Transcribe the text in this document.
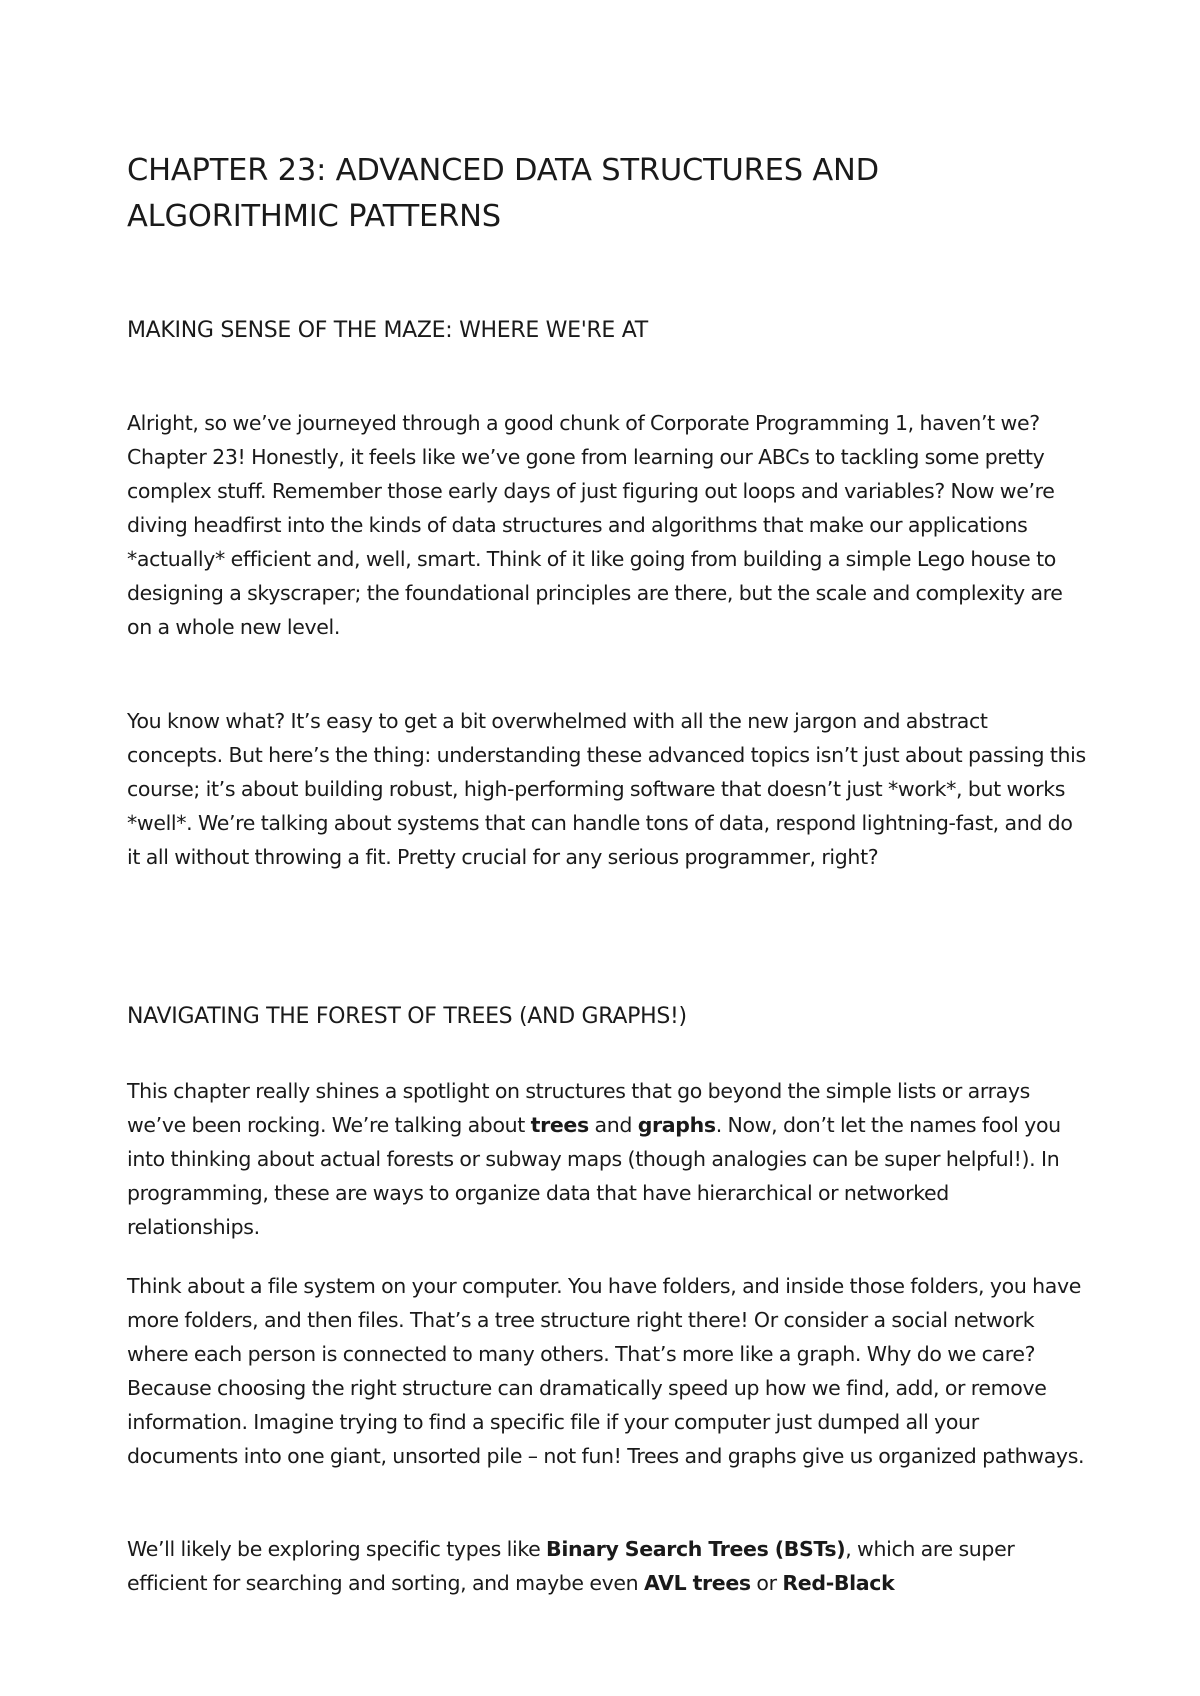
CHAPTER 23: ADVANCED DATA STRUCTURES AND ALGORITHMIC PATTERNS
MAKING SENSE OF THE MAZE: WHERE WE'RE AT

Alright, so we’ve journeyed through a good chunk of Corporate Programming 1, haven’t we? Chapter 23! Honestly, it feels like we’ve gone from learning our ABCs to tackling some pretty complex stuff. Remember those early days of just figuring out loops and variables? Now we’re diving headfirst into the kinds of data structures and algorithms that make our applications *actually* efficient and, well, smart. Think of it like going from building a simple Lego house to designing a skyscraper; the foundational principles are there, but the scale and complexity are on a whole new level.

You know what? It’s easy to get a bit overwhelmed with all the new jargon and abstract concepts. But here’s the thing: understanding these advanced topics isn’t just about passing this course; it’s about building robust, high-performing software that doesn’t just *work*, but works *well*. We’re talking about systems that can handle tons of data, respond lightning-fast, and do it all without throwing a fit. Pretty crucial for any serious programmer, right?

NAVIGATING THE FOREST OF TREES (AND GRAPHS!)

This chapter really shines a spotlight on structures that go beyond the simple lists or arrays we’ve been rocking. We’re talking about trees and graphs. Now, don’t let the names fool you into thinking about actual forests or subway maps (though analogies can be super helpful!). In programming, these are ways to organize data that have hierarchical or networked relationships.

Think about a file system on your computer. You have folders, and inside those folders, you have more folders, and then files. That’s a tree structure right there! Or consider a social network where each person is connected to many others. That’s more like a graph. Why do we care? Because choosing the right structure can dramatically speed up how we find, add, or remove information. Imagine trying to find a specific file if your computer just dumped all your documents into one giant, unsorted pile – not fun! Trees and graphs give us organized pathways.

We’ll likely be exploring specific types like Binary Search Trees (BSTs), which are super efficient for searching and sorting, and maybe even AVL trees or Red-Black
